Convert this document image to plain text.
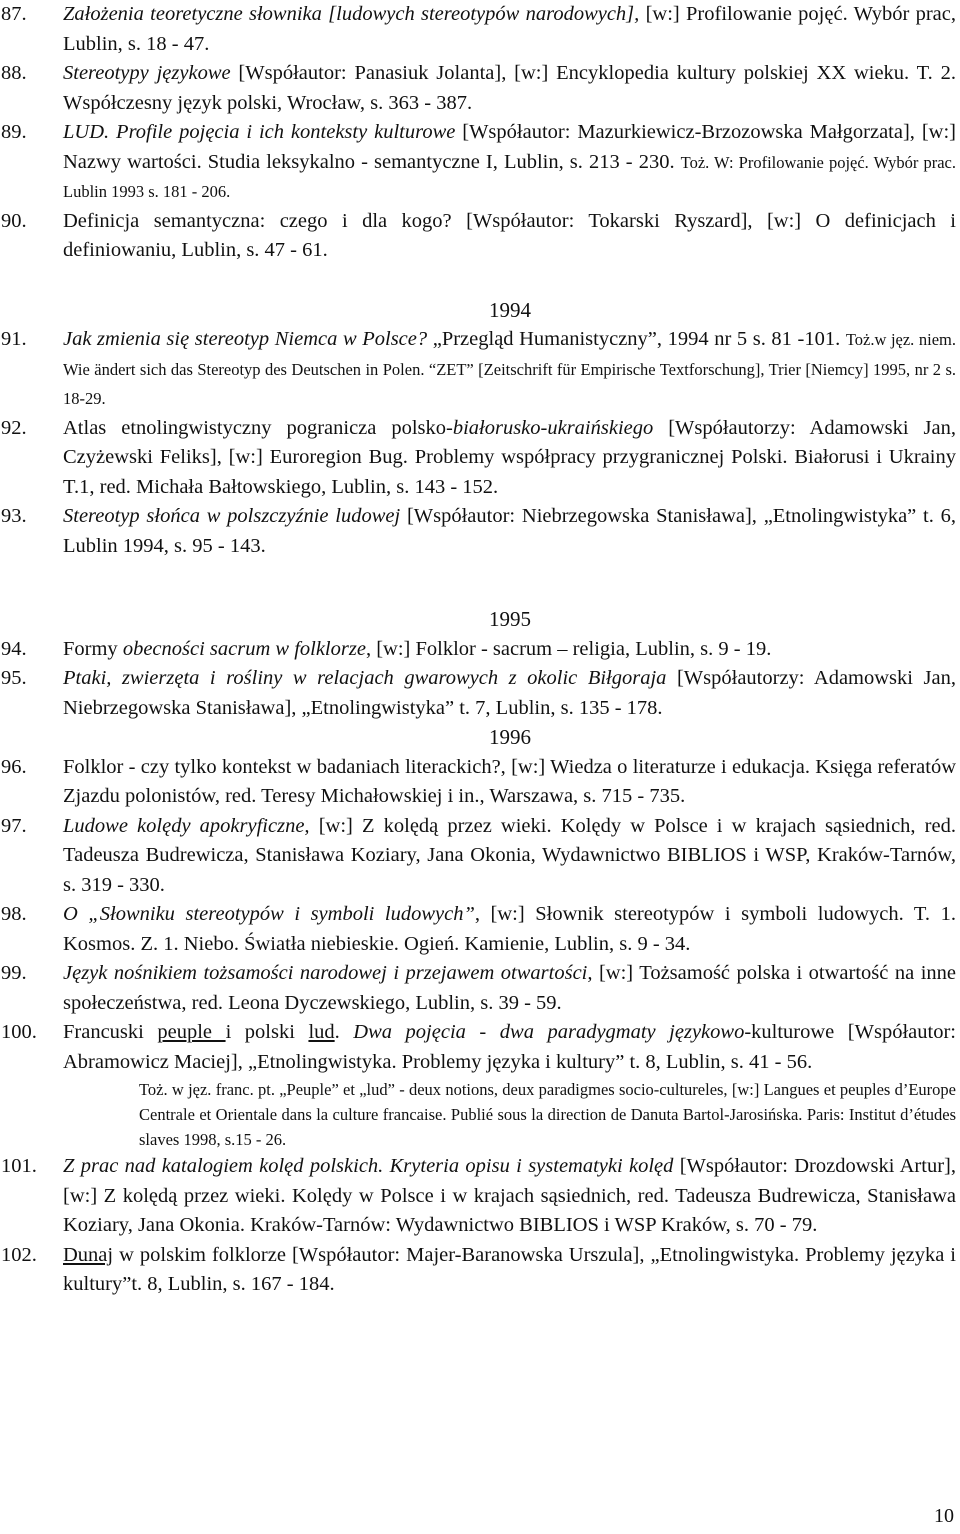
87. Założenia teoretyczne słownika [ludowych stereotypów narodowych], [w:] Profilowanie pojęć. Wybór prac, Lublin, s. 18 - 47.
88. Stereotypy językowe [Współautor: Panasiuk Jolanta], [w:] Encyklopedia kultury polskiej XX wieku. T. 2. Współczesny język polski, Wrocław, s. 363 - 387.
89. LUD. Profile pojęcia i ich konteksty kulturowe [Współautor: Mazurkiewicz-Brzozowska Małgorzata], [w:] Nazwy wartości. Studia leksykalno - semantyczne I, Lublin, s. 213 - 230. Toż. W: Profilowanie pojęć. Wybór prac. Lublin 1993 s. 181 - 206.
90. Definicja semantyczna: czego i dla kogo? [Współautor: Tokarski Ryszard], [w:] O definicjach i definiowaniu, Lublin, s. 47 - 61.
1994
91. Jak zmienia się stereotyp Niemca w Polsce? „Przegląd Humanistyczny”, 1994 nr 5 s. 81 -101. Toż.w jęz. niem. Wie ändert sich das Stereotyp des Deutschen in Polen. “ZET” [Zeitschrift für Empirische Textforschung], Trier [Niemcy] 1995, nr 2 s. 18-29.
92. Atlas etnolingwistyczny pogranicza polsko-białorusko-ukraińskiego [Współautorzy: Adamowski Jan, Czyżewski Feliks], [w:] Euroregion Bug. Problemy współpracy przygranicznej Polski. Białorusi i Ukrainy T.1, red. Michała Bałtowskiego, Lublin, s. 143 - 152.
93. Stereotyp słońca w polszczyźnie ludowej [Współautor: Niebrzegowska Stanisława], „Etnolingwistyka” t. 6, Lublin 1994, s. 95 - 143.
1995
94. Formy obecności sacrum w folklorze, [w:] Folklor - sacrum – religia, Lublin, s. 9 - 19.
95. Ptaki, zwierzęta i rośliny w relacjach gwarowych z okolic Biłgoraja [Współautorzy: Adamowski Jan, Niebrzegowska Stanisława], „Etnolingwistyka” t. 7, Lublin, s. 135 - 178.
1996
96. Folklor - czy tylko kontekst w badaniach literackich?, [w:] Wiedza o literaturze i edukacja. Księga referatów Zjazdu polonistów, red. Teresy Michałowskiej i in., Warszawa, s. 715 - 735.
97. Ludowe kolędy apokryficzne, [w:] Z kolędą przez wieki. Kolędy w Polsce i w krajach sąsiednich, red. Tadeusza Budrewicza, Stanisława Koziary, Jana Okonia, Wydawnictwo BIBLIOS i WSP, Kraków-Tarnów, s. 319 - 330.
98. O „Słowniku stereotypów i symboli ludowych”, [w:] Słownik stereotypów i symboli ludowych. T. 1. Kosmos. Z. 1. Niebo. Światła niebieskie. Ogień. Kamienie, Lublin, s. 9 - 34.
99. Język nośnikiem tożsamości narodowej i przejawem otwartości, [w:] Tożsamość polska i otwartość na inne społeczeństwa, red. Leona Dyczewskiego, Lublin, s. 39 - 59.
100. Francuski peuple i polski lud. Dwa pojęcia - dwa paradygmaty językowo-kulturowe [Współautor: Abramowicz Maciej], „Etnolingwistyka. Problemy języka i kultury” t. 8, Lublin, s. 41 - 56.
Toż. w jęz. franc. pt. „Peuple” et „lud” - deux notions, deux paradigmes socio-cultureles, [w:] Langues et peuples d’Europe Centrale et Orientale dans la culture francaise. Publié sous la direction de Danuta Bartol-Jarosińska. Paris: Institut d’études slaves 1998, s.15 - 26.
101. Z prac nad katalogiem kolęd polskich. Kryteria opisu i systematyki kolęd [Współautor: Drozdowski Artur], [w:] Z kolędą przez wieki. Kolędy w Polsce i w krajach sąsiednich, red. Tadeusza Budrewicza, Stanisława Koziary, Jana Okonia. Kraków-Tarnów: Wydawnictwo BIBLIOS i WSP Kraków, s. 70 - 79.
102. Dunaj w polskim folklorze [Współautor: Majer-Baranowska Urszula], „Etnolingwistyka. Problemy języka i kultury”t. 8, Lublin, s. 167 - 184.
10
